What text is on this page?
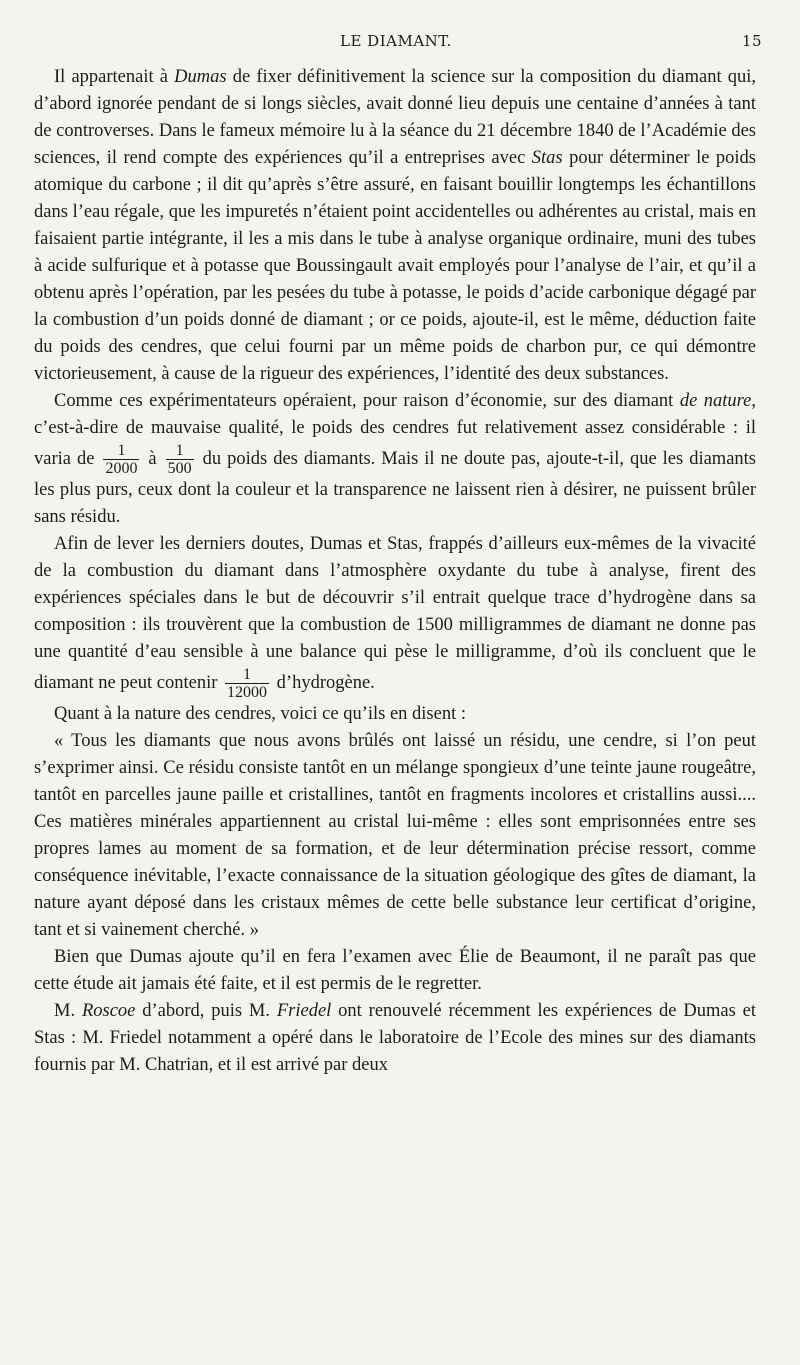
LE DIAMANT.	15

Il appartenait à Dumas de fixer définitivement la science sur la composition du diamant qui, d’abord ignorée pendant de si longs siècles, avait donné lieu depuis une centaine d’années à tant de controverses. Dans le fameux mémoire lu à la séance du 21 décembre 1840 de l’Académie des sciences, il rend compte des expériences qu’il a entreprises avec Stas pour déterminer le poids atomique du carbone ; il dit qu’après s’être assuré, en faisant bouillir longtemps les échantillons dans l’eau régale, que les impuretés n’étaient point accidentelles ou adhérentes au cristal, mais en faisaient partie intégrante, il les a mis dans le tube à analyse organique ordinaire, muni des tubes à acide sulfurique et à potasse que Boussingault avait employés pour l’analyse de l’air, et qu’il a obtenu après l’opération, par les pesées du tube à potasse, le poids d’acide carbonique dégagé par la combustion d’un poids donné de diamant ; or ce poids, ajoute-il, est le même, déduction faite du poids des cendres, que celui fourni par un même poids de charbon pur, ce qui démontre victorieusement, à cause de la rigueur des expériences, l’identité des deux substances.

Comme ces expérimentateurs opéraient, pour raison d’économie, sur des diamant de nature, c’est-à-dire de mauvaise qualité, le poids des cendres fut relativement assez considérable : il varia de $\frac{1}{2000}$ à $\frac{1}{500}$ du poids des diamants. Mais il ne doute pas, ajoute-t-il, que les diamants les plus purs, ceux dont la couleur et la transparence ne laissent rien à désirer, ne puissent brûler sans résidu.

Afin de lever les derniers doutes, Dumas et Stas, frappés d’ailleurs eux-mêmes de la vivacité de la combustion du diamant dans l’atmosphère oxydante du tube à analyse, firent des expériences spéciales dans le but de découvrir s’il entrait quelque trace d’hydrogène dans sa composition : ils trouvèrent que la combustion de 1500 milligrammes de diamant ne donne pas une quantité d’eau sensible à une balance qui pèse le milligramme, d’où ils concluent que le diamant ne peut contenir $\frac{1}{12000}$ d’hydrogène.

Quant à la nature des cendres, voici ce qu’ils en disent :

« Tous les diamants que nous avons brûlés ont laissé un résidu, une cendre, si l’on peut s’exprimer ainsi. Ce résidu consiste tantôt en un mélange spongieux d’une teinte jaune rougeâtre, tantôt en parcelles jaune paille et cristallines, tantôt en fragments incolores et cristallins aussi.... Ces matières minérales appartiennent au cristal lui-même : elles sont emprisonnées entre ses propres lames au moment de sa formation, et de leur détermination précise ressort, comme conséquence inévitable, l’exacte connaissance de la situation géologique des gîtes de diamant, la nature ayant déposé dans les cristaux mêmes de cette belle substance leur certificat d’origine, tant et si vainement cherché. »

Bien que Dumas ajoute qu’il en fera l’examen avec Élie de Beaumont, il ne paraît pas que cette étude ait jamais été faite, et il est permis de le regretter.

M. Roscoe d’abord, puis M. Friedel ont renouvelé récemment les expériences de Dumas et Stas : M. Friedel notamment a opéré dans le laboratoire de l’Ecole des mines sur des diamants fournis par M. Chatrian, et il est arrivé par deux
